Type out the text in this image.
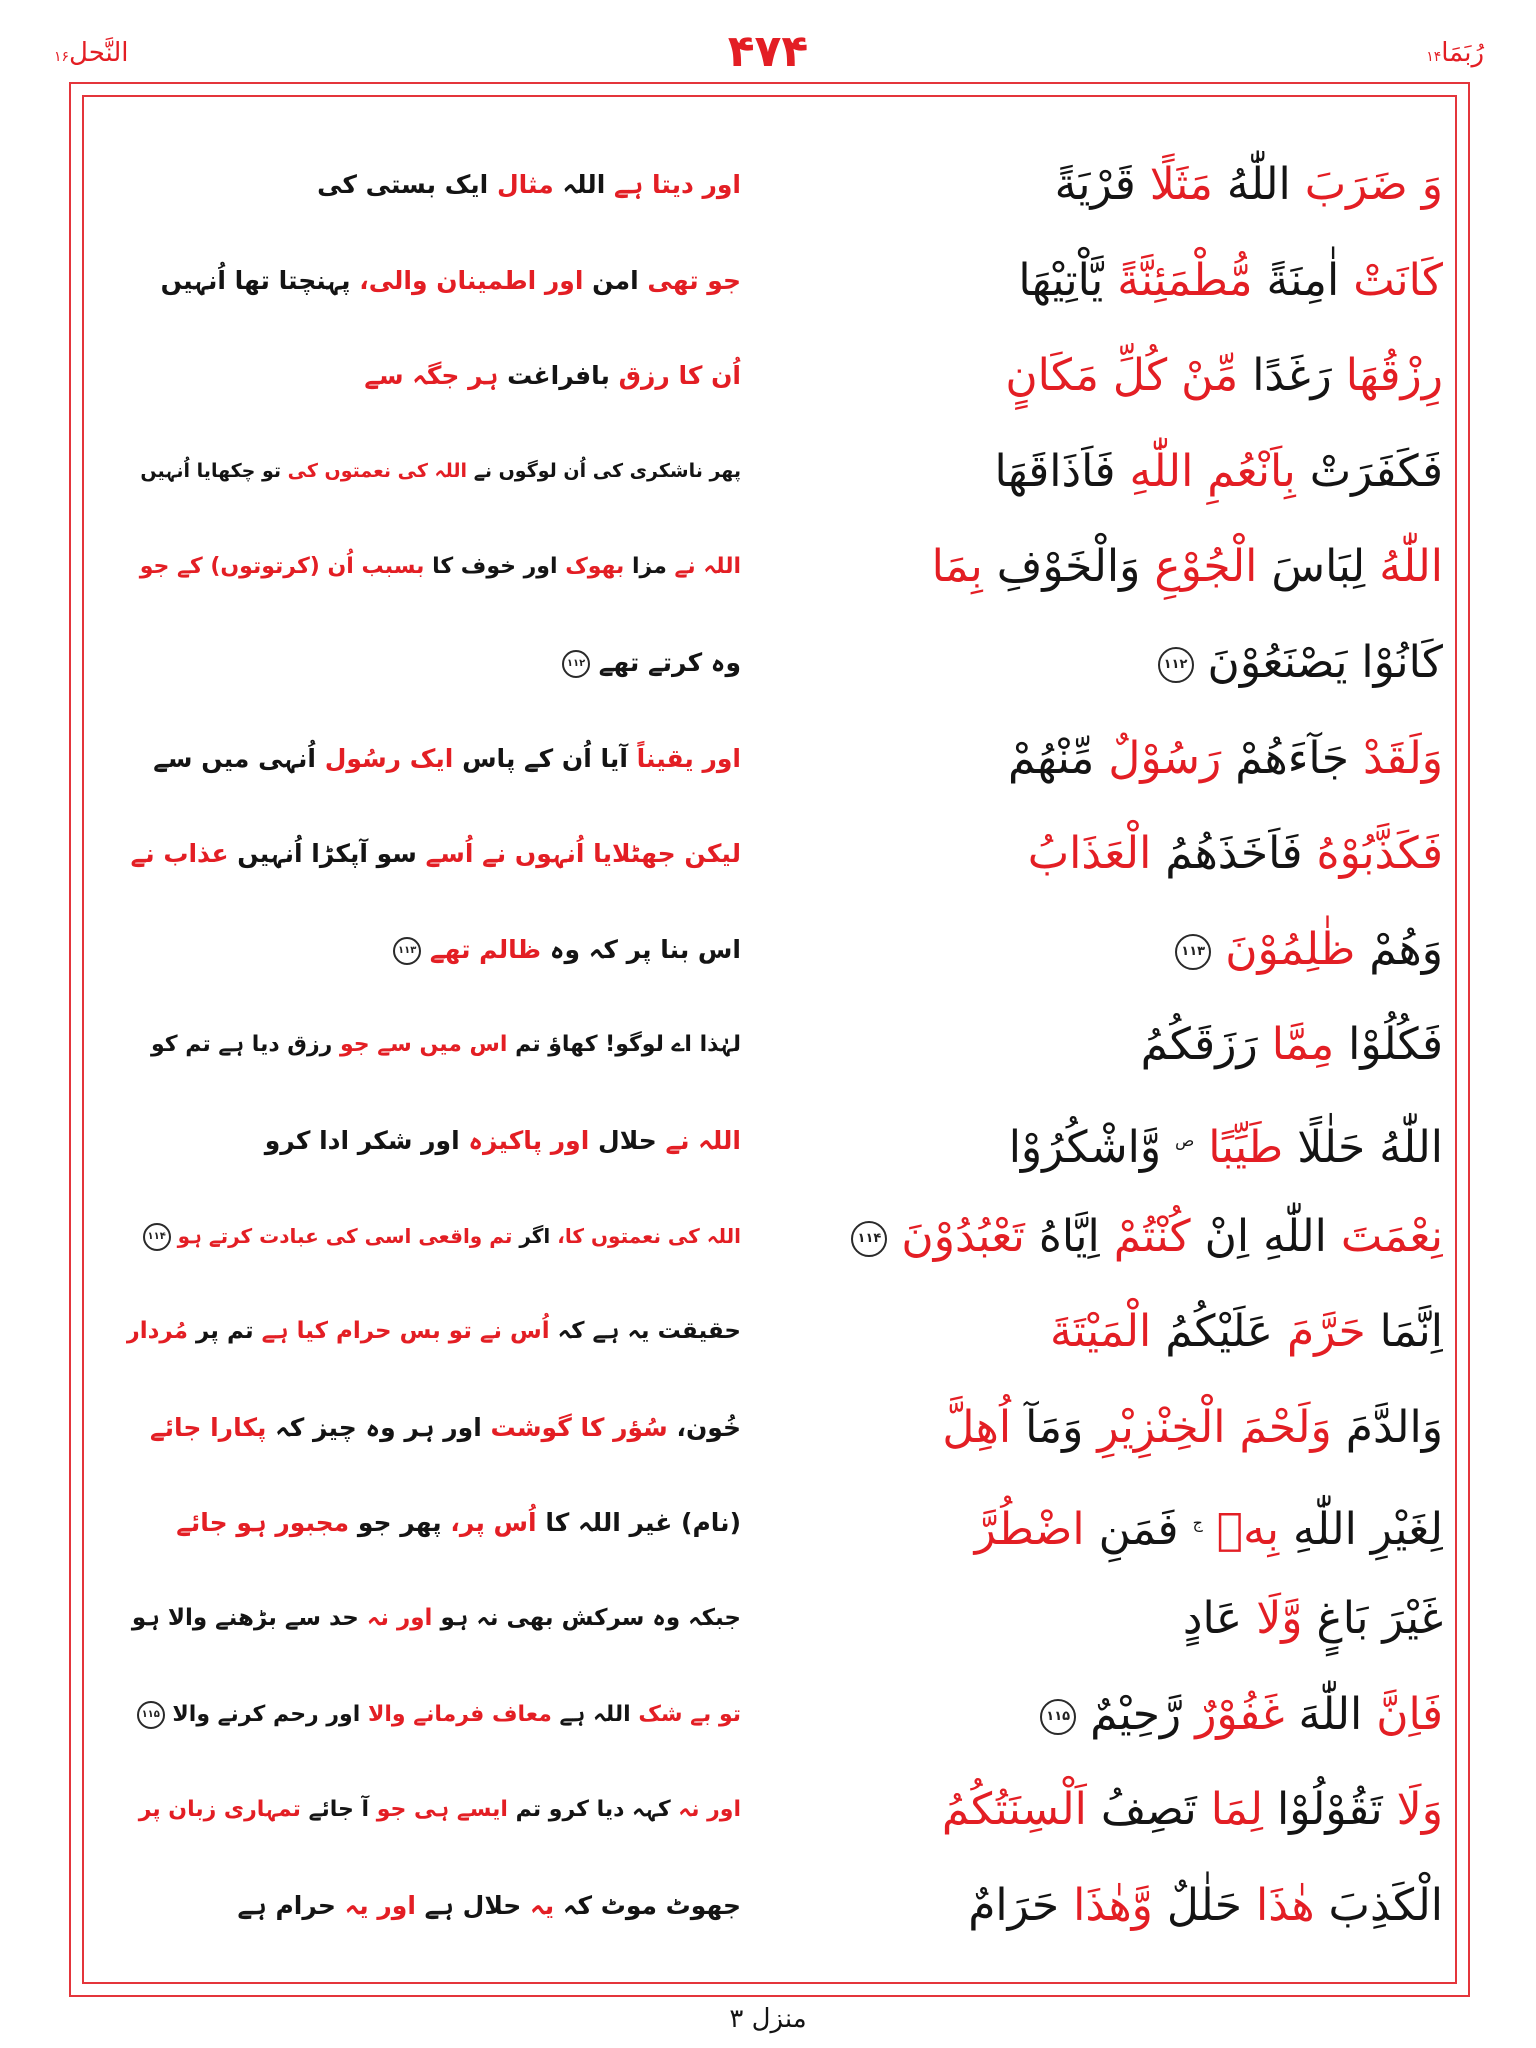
رُبَمَا۱۴
۴۷۴
النَّحل۱۶
وَ ضَرَبَ اللّٰهُ مَثَلًا قَرْيَةً
كَانَتْ اٰمِنَةً مُّطْمَئِنَّةً يَّاْتِيْهَا
رِزْقُهَا رَغَدًا مِّنْ كُلِّ مَكَانٍ
فَكَفَرَتْ بِاَنْعُمِ اللّٰهِ فَاَذَاقَهَا
اللّٰهُ لِبَاسَ الْجُوْعِ وَالْخَوْفِ بِمَا
كَانُوْا يَصْنَعُوْنَ ۱۱۲
وَلَقَدْ جَآءَهُمْ رَسُوْلٌ مِّنْهُمْ
فَكَذَّبُوْهُ فَاَخَذَهُمُ الْعَذَابُ
وَهُمْ ظٰلِمُوْنَ ۱۱۳
فَكُلُوْا مِمَّا رَزَقَكُمُ
اللّٰهُ حَلٰلًا طَيِّبًا $^ص$ وَّاشْكُرُوْا
نِعْمَتَ اللّٰهِ اِنْ كُنْتُمْ اِيَّاهُ تَعْبُدُوْنَ ۱۱۴
اِنَّمَا حَرَّمَ عَلَيْكُمُ الْمَيْتَةَ
وَالدَّمَ وَلَحْمَ الْخِنْزِيْرِ وَمَآ اُهِلَّ
لِغَيْرِ اللّٰهِ بِهٖ $^ج$ فَمَنِ اضْطُرَّ
غَيْرَ بَاغٍ وَّلَا عَادٍ
فَاِنَّ اللّٰهَ غَفُوْرٌ رَّحِيْمٌ ۱۱۵
وَلَا تَقُوْلُوْا لِمَا تَصِفُ اَلْسِنَتُكُمُ
الْكَذِبَ هٰذَا حَلٰلٌ وَّهٰذَا حَرَامٌ
اور دیتا ہے اللہ مثال ایک بستی کی
جو تھی امن اور اطمینان والی، پہنچتا تھا اُنہیں
اُن کا رزق بافراغت ہر جگہ سے
پھر ناشکری کی اُن لوگوں نے اللہ کی نعمتوں کی تو چکھایا اُنہیں
اللہ نے مزا بھوک اور خوف کا بسبب اُن (کرتوتوں) کے جو
وہ کرتے تھے ۱۱۲
اور یقیناً آیا اُن کے پاس ایک رسُول اُنہی میں سے
لیکن جھٹلایا اُنہوں نے اُسے سو آپکڑا اُنہیں عذاب نے
اس بنا پر کہ وہ ظالم تھے ۱۱۳
لہٰذا اے لوگو! کھاؤ تم اس میں سے جو رزق دیا ہے تم کو
اللہ نے حلال اور پاکیزہ اور شکر ادا کرو
اللہ کی نعمتوں کا، اگر تم واقعی اسی کی عبادت کرتے ہو ۱۱۴
حقیقت یہ ہے کہ اُس نے تو بس حرام کیا ہے تم پر مُردار
خُون، سُؤر کا گوشت اور ہر وہ چیز کہ پکارا جائے
(نام) غیر اللہ کا اُس پر، پھر جو مجبور ہو جائے
جبکہ وہ سرکش بھی نہ ہو اور نہ حد سے بڑھنے والا ہو
تو بے شک اللہ ہے معاف فرمانے والا اور رحم کرنے والا ۱۱۵
اور نہ کہہ دیا کرو تم ایسے ہی جو آ جائے تمہاری زبان پر
جھوٹ موٹ کہ یہ حلال ہے اور یہ حرام ہے
منزل ۳
